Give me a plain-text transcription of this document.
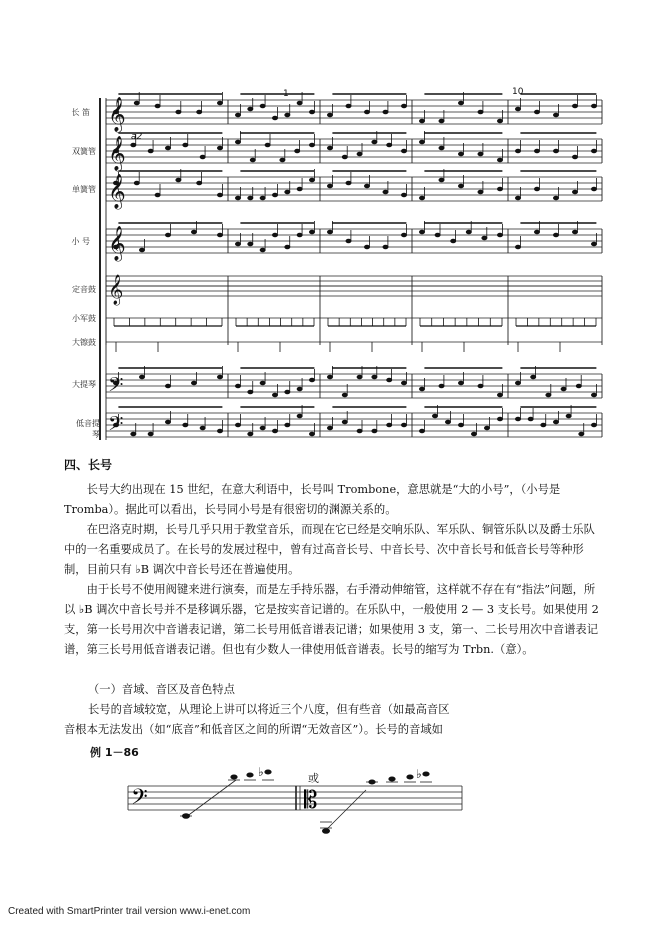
𝄞
𝄞
𝄞
𝄞
𝄢
𝄢
𝄞
长 笛
双簧管
单簧管
小 号
定音鼓
小军鼓
大镲鼓
大提琴
低音提琴
1	10
a2
四、长号
长号大约出现在 15 世纪，在意大利语中，长号叫 Trombone，意思就是“大的小号”，（小号是 Tromba）。据此可以看出，长号同小号是有很密切的渊源关系的。
在巴洛克时期，长号几乎只用于教堂音乐，而现在它已经是交响乐队、军乐队、铜管乐队以及爵士乐队中的一名重要成员了。在长号的发展过程中，曾有过高音长号、中音长号、次中音长号和低音长号等种形制，目前只有 ♭B 调次中音长号还在普遍使用。
由于长号不使用阀键来进行演奏，而是左手持乐器，右手滑动伸缩管，这样就不存在有“指法”问题，所以 ♭B 调次中音长号并不是移调乐器，它是按实音记谱的。在乐队中，一般使用 2 — 3 支长号。如果使用 2 支，第一长号用次中音谱表记谱，第二长号用低音谱表记谱；如果使用 3 支，第一、二长号用次中音谱表记谱，第三长号用低音谱表记谱。但也有少数人一律使用低音谱表。长号的缩写为 Trbn.（意）。
（一）音域、音区及音色特点
长号的音域较宽，从理论上讲可以将近三个八度，但有些音（如最高音区
音根本无法发出（如“底音”和低音区之间的所谓“无效音区”）。长号的音域如
例 1－86
𝄢	𝄡
♭	♭
或
Created with SmartPrinter trail version www.i-enet.com
